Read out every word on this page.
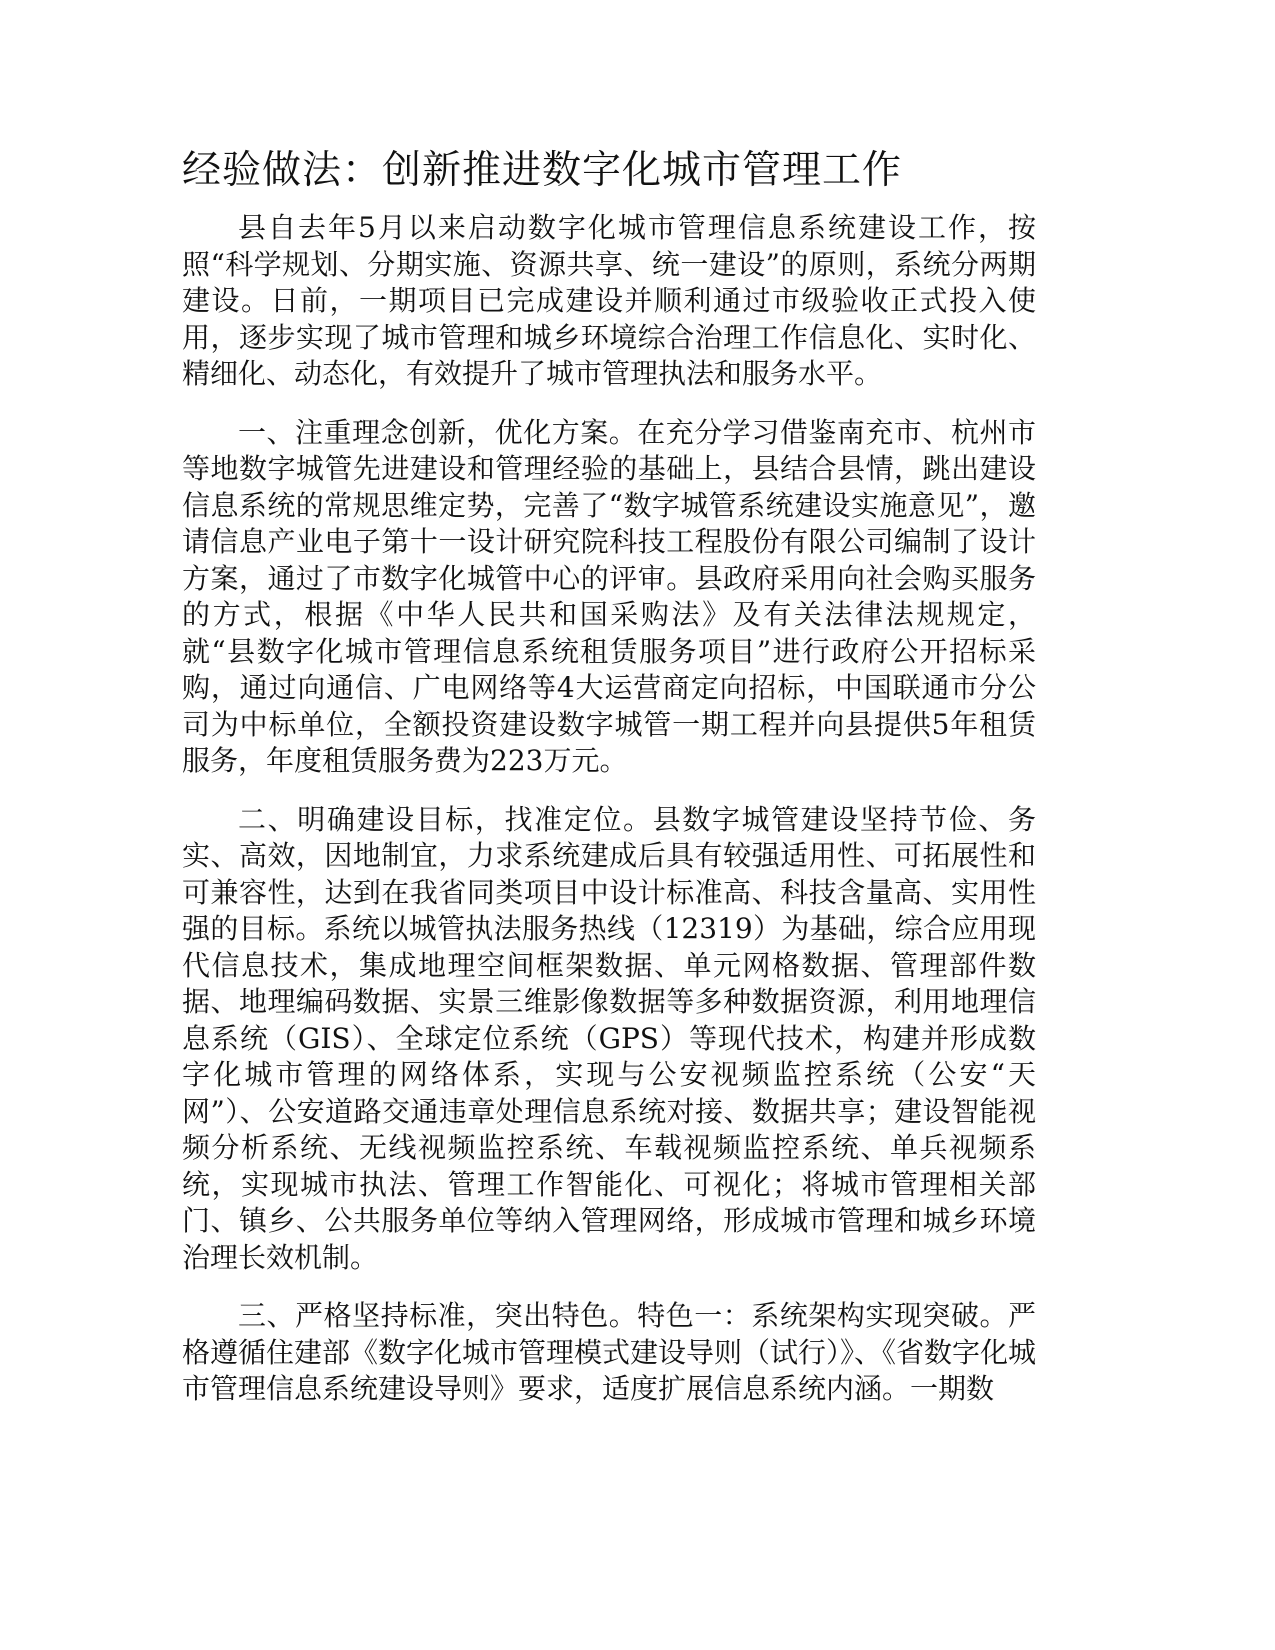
经验做法：创新推进数字化城市管理工作

县自去年5月以来启动数字化城市管理信息系统建设工作，按照“科学规划、分期实施、资源共享、统一建设”的原则，系统分两期建设。日前，一期项目已完成建设并顺利通过市级验收正式投入使用，逐步实现了城市管理和城乡环境综合治理工作信息化、实时化、精细化、动态化，有效提升了城市管理执法和服务水平。

一、注重理念创新，优化方案。在充分学习借鉴南充市、杭州市等地数字城管先进建设和管理经验的基础上，县结合县情，跳出建设信息系统的常规思维定势，完善了“数字城管系统建设实施意见”，邀请信息产业电子第十一设计研究院科技工程股份有限公司编制了设计方案，通过了市数字化城管中心的评审。县政府采用向社会购买服务的方式，根据《中华人民共和国采购法》及有关法律法规规定，就“县数字化城市管理信息系统租赁服务项目”进行政府公开招标采购，通过向通信、广电网络等4大运营商定向招标，中国联通市分公司为中标单位，全额投资建设数字城管一期工程并向县提供5年租赁服务，年度租赁服务费为223万元。

二、明确建设目标，找准定位。县数字城管建设坚持节俭、务实、高效，因地制宜，力求系统建成后具有较强适用性、可拓展性和可兼容性，达到在我省同类项目中设计标准高、科技含量高、实用性强的目标。系统以城管执法服务热线（12319）为基础，综合应用现代信息技术，集成地理空间框架数据、单元网格数据、管理部件数据、地理编码数据、实景三维影像数据等多种数据资源，利用地理信息系统（GIS）、全球定位系统（GPS）等现代技术，构建并形成数字化城市管理的网络体系，实现与公安视频监控系统（公安“天网”）、公安道路交通违章处理信息系统对接、数据共享；建设智能视频分析系统、无线视频监控系统、车载视频监控系统、单兵视频系统，实现城市执法、管理工作智能化、可视化；将城市管理相关部门、镇乡、公共服务单位等纳入管理网络，形成城市管理和城乡环境治理长效机制。

三、严格坚持标准，突出特色。特色一：系统架构实现突破。严格遵循住建部《数字化城市管理模式建设导则（试行）》、《省数字化城市管理信息系统建设导则》要求，适度扩展信息系统内涵。一期数
